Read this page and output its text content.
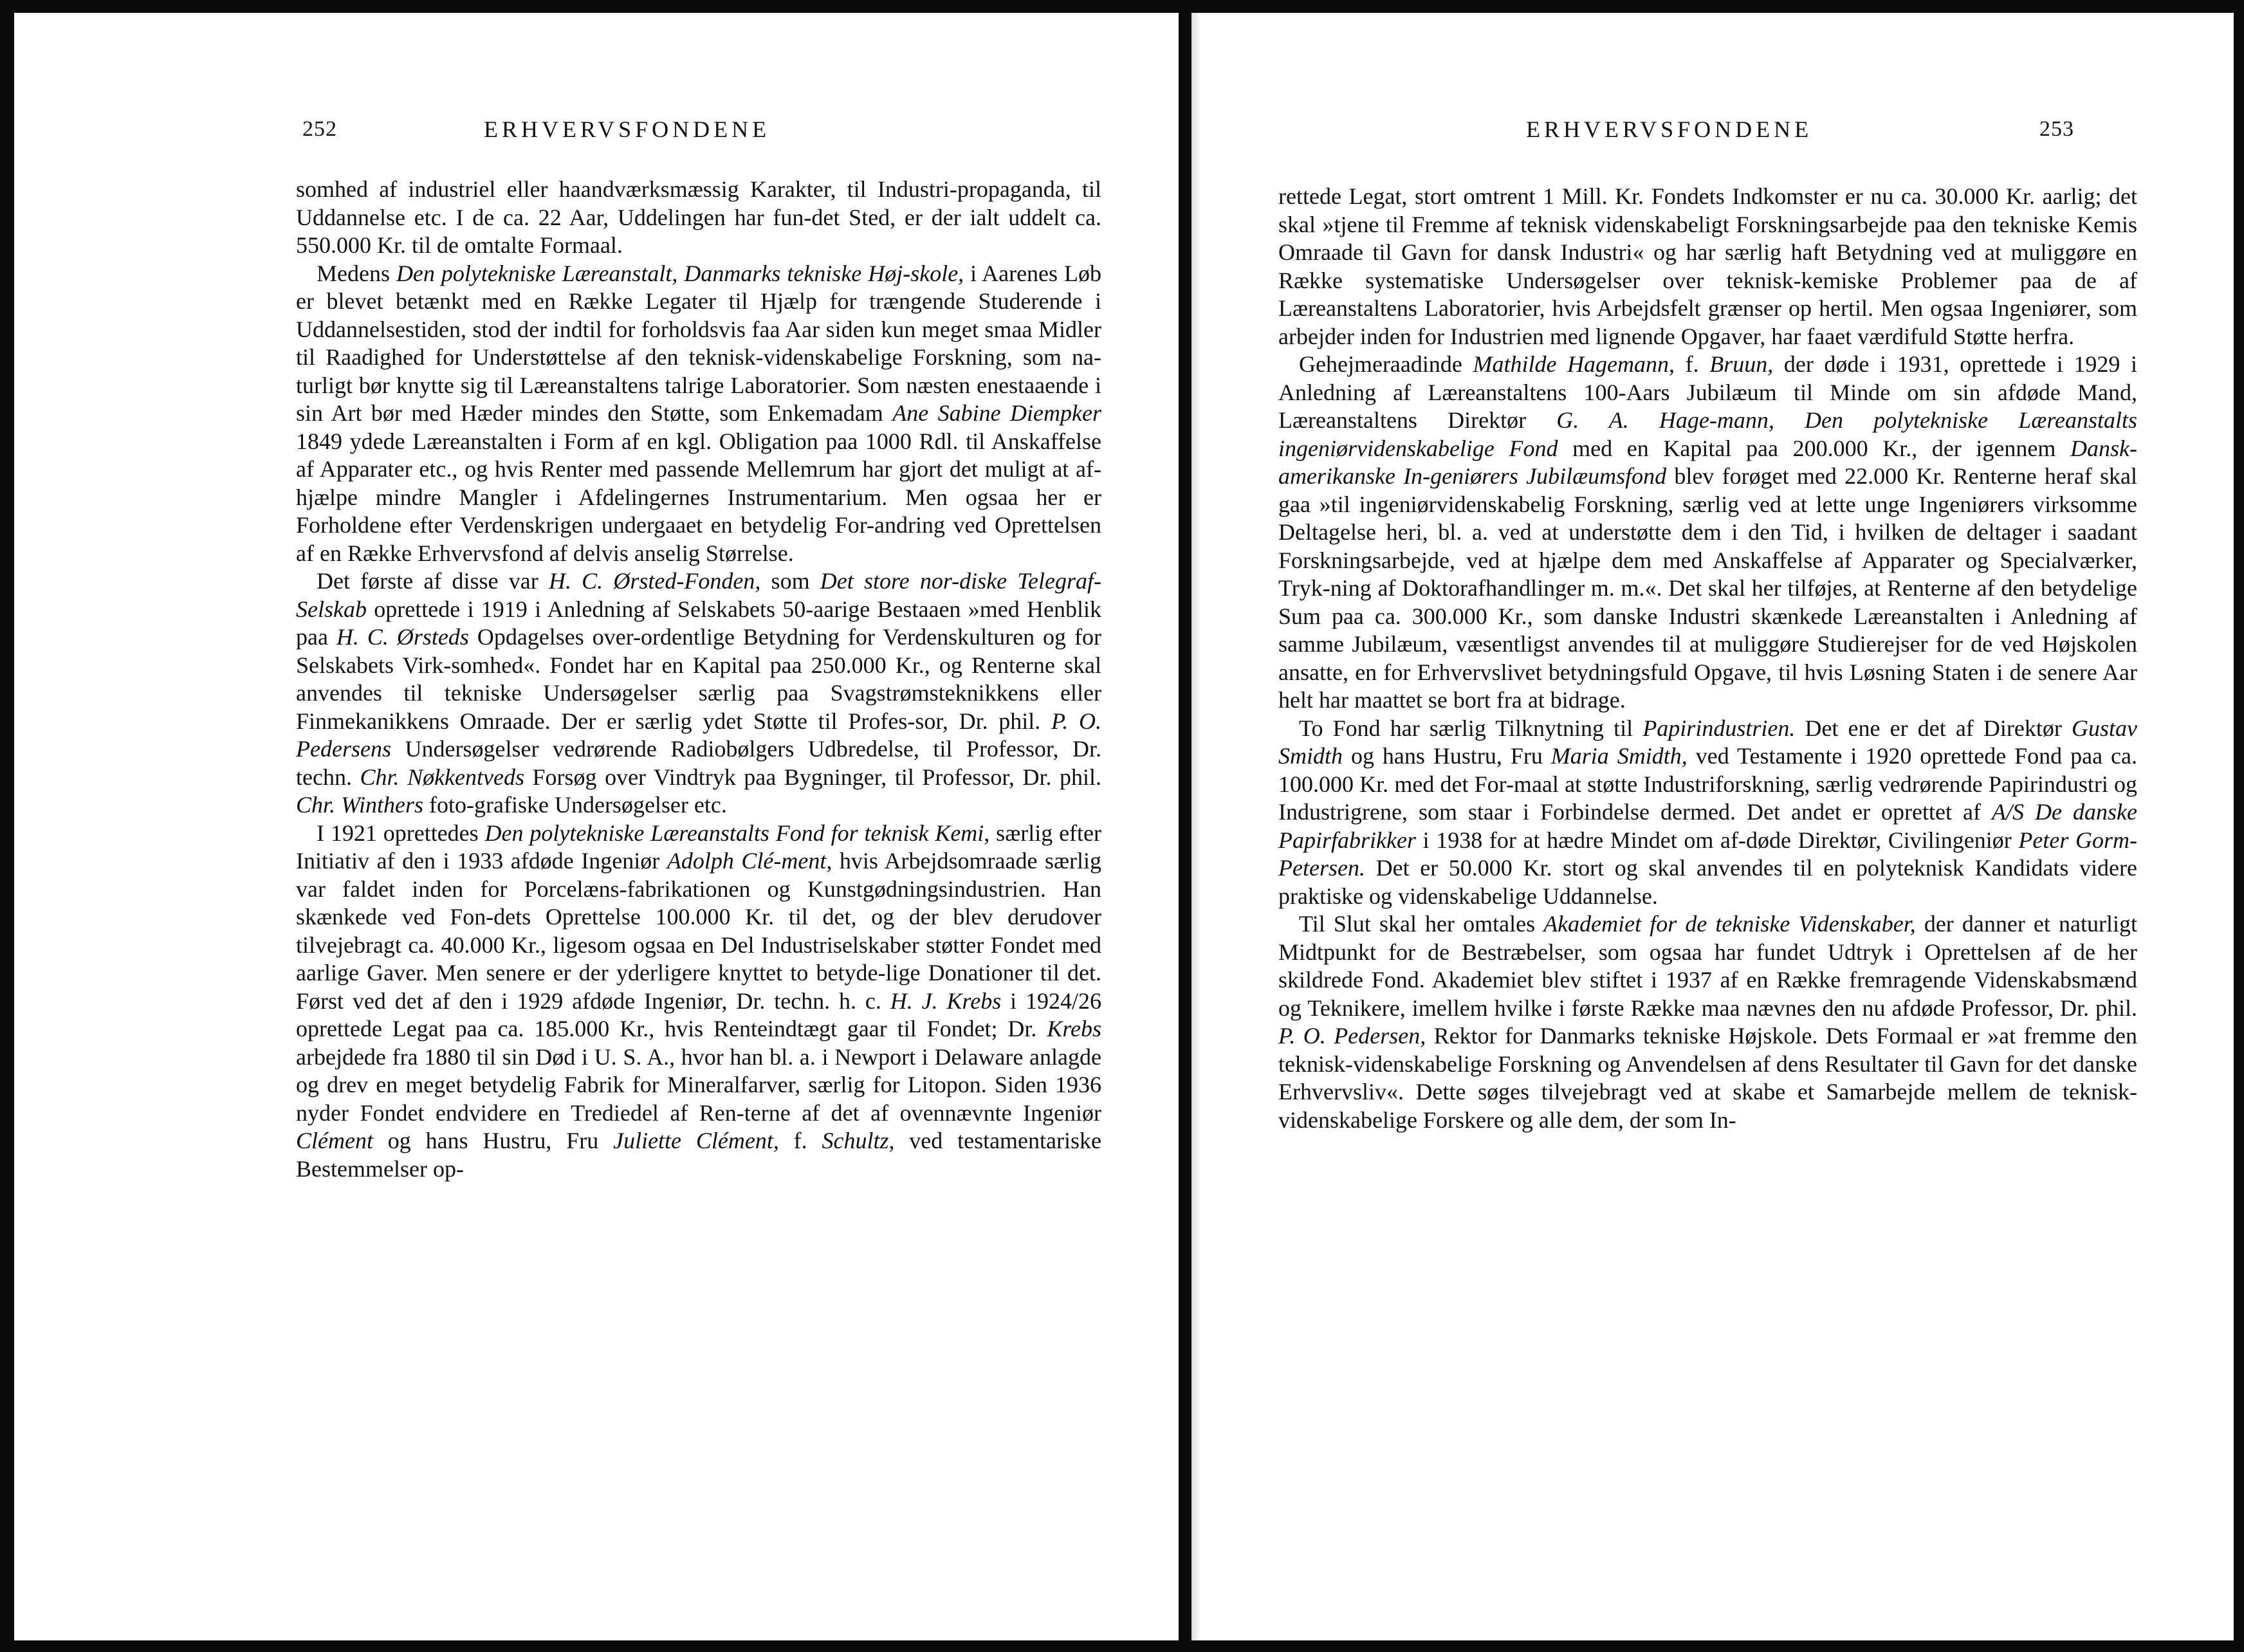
252	ERHVERVSFONDENE

somhed af industriel eller haandværksmæssig Karakter, til Industri-propaganda, til Uddannelse etc. I de ca. 22 Aar, Uddelingen har fun-det Sted, er der ialt uddelt ca. 550.000 Kr. til de omtalte Formaal.

Medens Den polytekniske Læreanstalt, Danmarks tekniske Høj-skole, i Aarenes Løb er blevet betænkt med en Række Legater til Hjælp for trængende Studerende i Uddannelsestiden, stod der indtil for forholdsvis faa Aar siden kun meget smaa Midler til Raadighed for Understøttelse af den teknisk-videnskabelige Forskning, som na-turligt bør knytte sig til Læreanstaltens talrige Laboratorier. Som næsten enestaaende i sin Art bør med Hæder mindes den Støtte, som Enkemadam Ane Sabine Diempker 1849 ydede Læreanstalten i Form af en kgl. Obligation paa 1000 Rdl. til Anskaffelse af Apparater etc., og hvis Renter med passende Mellemrum har gjort det muligt at af-hjælpe mindre Mangler i Afdelingernes Instrumentarium. Men ogsaa her er Forholdene efter Verdenskrigen undergaaet en betydelig For-andring ved Oprettelsen af en Række Erhvervsfond af delvis anselig Størrelse.

Det første af disse var H. C. Ørsted-Fonden, som Det store nor-diske Telegraf-Selskab oprettede i 1919 i Anledning af Selskabets 50-aarige Bestaaen »med Henblik paa H. C. Ørsteds Opdagelses over-ordentlige Betydning for Verdenskulturen og for Selskabets Virk-somhed«. Fondet har en Kapital paa 250.000 Kr., og Renterne skal anvendes til tekniske Undersøgelser særlig paa Svagstrømsteknikkens eller Finmekanikkens Omraade. Der er særlig ydet Støtte til Profes-sor, Dr. phil. P. O. Pedersens Undersøgelser vedrørende Radiobølgers Udbredelse, til Professor, Dr. techn. Chr. Nøkkentveds Forsøg over Vindtryk paa Bygninger, til Professor, Dr. phil. Chr. Winthers foto-grafiske Undersøgelser etc.

I 1921 oprettedes Den polytekniske Læreanstalts Fond for teknisk Kemi, særlig efter Initiativ af den i 1933 afdøde Ingeniør Adolph Clé-ment, hvis Arbejdsomraade særlig var faldet inden for Porcelæns-fabrikationen og Kunstgødningsindustrien. Han skænkede ved Fon-dets Oprettelse 100.000 Kr. til det, og der blev derudover tilvejebragt ca. 40.000 Kr., ligesom ogsaa en Del Industriselskaber støtter Fondet med aarlige Gaver. Men senere er der yderligere knyttet to betyde-lige Donationer til det. Først ved det af den i 1929 afdøde Ingeniør, Dr. techn. h. c. H. J. Krebs i 1924/26 oprettede Legat paa ca. 185.000 Kr., hvis Renteindtægt gaar til Fondet; Dr. Krebs arbejdede fra 1880 til sin Død i U. S. A., hvor han bl. a. i Newport i Delaware anlagde og drev en meget betydelig Fabrik for Mineralfarver, særlig for Litopon. Siden 1936 nyder Fondet endvidere en Trediedel af Ren-terne af det af ovennævnte Ingeniør Clément og hans Hustru, Fru Juliette Clément, f. Schultz, ved testamentariske Bestemmelser op-

ERHVERVSFONDENE	253

rettede Legat, stort omtrent 1 Mill. Kr. Fondets Indkomster er nu ca. 30.000 Kr. aarlig; det skal »tjene til Fremme af teknisk videnskabeligt Forskningsarbejde paa den tekniske Kemis Omraade til Gavn for dansk Industri« og har særlig haft Betydning ved at muliggøre en Række systematiske Undersøgelser over teknisk-kemiske Problemer paa de af Læreanstaltens Laboratorier, hvis Arbejdsfelt grænser op hertil. Men ogsaa Ingeniører, som arbejder inden for Industrien med lignende Opgaver, har faaet værdifuld Støtte herfra.

Gehejmeraadinde Mathilde Hagemann, f. Bruun, der døde i 1931, oprettede i 1929 i Anledning af Læreanstaltens 100-Aars Jubilæum til Minde om sin afdøde Mand, Læreanstaltens Direktør G. A. Hage-mann, Den polytekniske Læreanstalts ingeniørvidenskabelige Fond med en Kapital paa 200.000 Kr., der igennem Dansk-amerikanske In-geniørers Jubilæumsfond blev forøget med 22.000 Kr. Renterne heraf skal gaa »til ingeniørvidenskabelig Forskning, særlig ved at lette unge Ingeniørers virksomme Deltagelse heri, bl. a. ved at understøtte dem i den Tid, i hvilken de deltager i saadant Forskningsarbejde, ved at hjælpe dem med Anskaffelse af Apparater og Specialværker, Tryk-ning af Doktorafhandlinger m. m.«. Det skal her tilføjes, at Renterne af den betydelige Sum paa ca. 300.000 Kr., som danske Industri skænkede Læreanstalten i Anledning af samme Jubilæum, væsentligst anvendes til at muliggøre Studierejser for de ved Højskolen ansatte, en for Erhvervslivet betydningsfuld Opgave, til hvis Løsning Staten i de senere Aar helt har maattet se bort fra at bidrage.

To Fond har særlig Tilknytning til Papirindustrien. Det ene er det af Direktør Gustav Smidth og hans Hustru, Fru Maria Smidth, ved Testamente i 1920 oprettede Fond paa ca. 100.000 Kr. med det For-maal at støtte Industriforskning, særlig vedrørende Papirindustri og Industrigrene, som staar i Forbindelse dermed. Det andet er oprettet af A/S De danske Papirfabrikker i 1938 for at hædre Mindet om af-døde Direktør, Civilingeniør Peter Gorm-Petersen. Det er 50.000 Kr. stort og skal anvendes til en polyteknisk Kandidats videre praktiske og videnskabelige Uddannelse.

Til Slut skal her omtales Akademiet for de tekniske Videnskaber, der danner et naturligt Midtpunkt for de Bestræbelser, som ogsaa har fundet Udtryk i Oprettelsen af de her skildrede Fond. Akademiet blev stiftet i 1937 af en Række fremragende Videnskabsmænd og Teknikere, imellem hvilke i første Række maa nævnes den nu afdøde Professor, Dr. phil. P. O. Pedersen, Rektor for Danmarks tekniske Højskole. Dets Formaal er »at fremme den teknisk-videnskabelige Forskning og Anvendelsen af dens Resultater til Gavn for det danske Erhvervsliv«. Dette søges tilvejebragt ved at skabe et Samarbejde mellem de teknisk-videnskabelige Forskere og alle dem, der som In-
